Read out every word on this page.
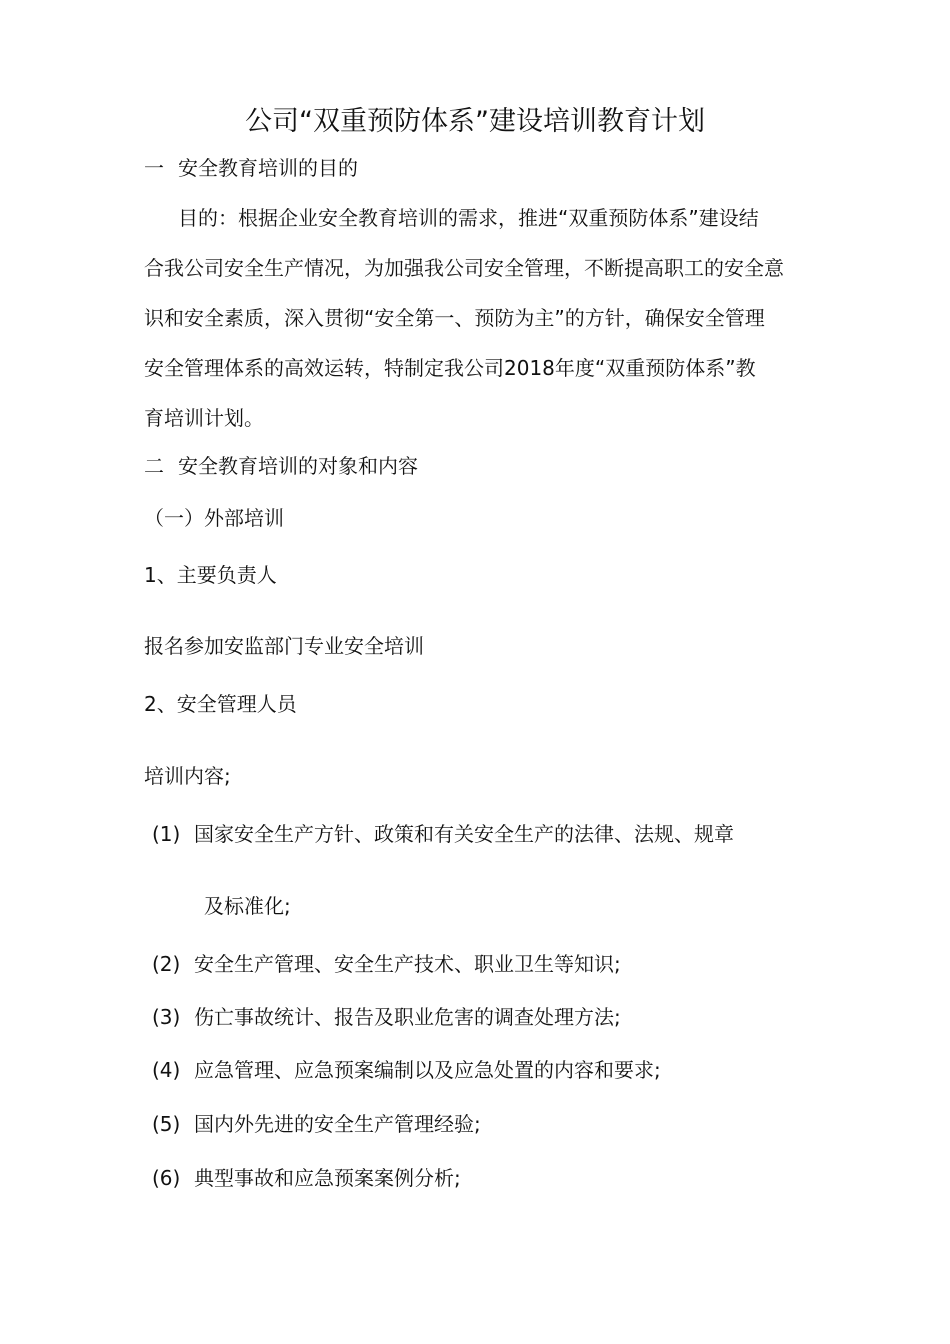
公司“双重预防体系”建设培训教育计划
一 安全教育培训的目的
目的：根据企业安全教育培训的需求，推进“双重预防体系”建设结
合我公司安全生产情况，为加强我公司安全管理，不断提高职工的安全意
识和安全素质，深入贯彻“安全第一、预防为主”的方针，确保安全管理
安全管理体系的高效运转，特制定我公司2018年度“双重预防体系”教
育培训计划。
二 安全教育培训的对象和内容
（一）外部培训
1、主要负责人
报名参加安监部门专业安全培训
2、安全管理人员
培训内容;
(1) 国家安全生产方针、政策和有关安全生产的法律、法规、规章
及标准化;
(2) 安全生产管理、安全生产技术、职业卫生等知识;
(3) 伤亡事故统计、报告及职业危害的调查处理方法;
(4) 应急管理、应急预案编制以及应急处置的内容和要求;
(5) 国内外先进的安全生产管理经验;
(6) 典型事故和应急预案案例分析;
